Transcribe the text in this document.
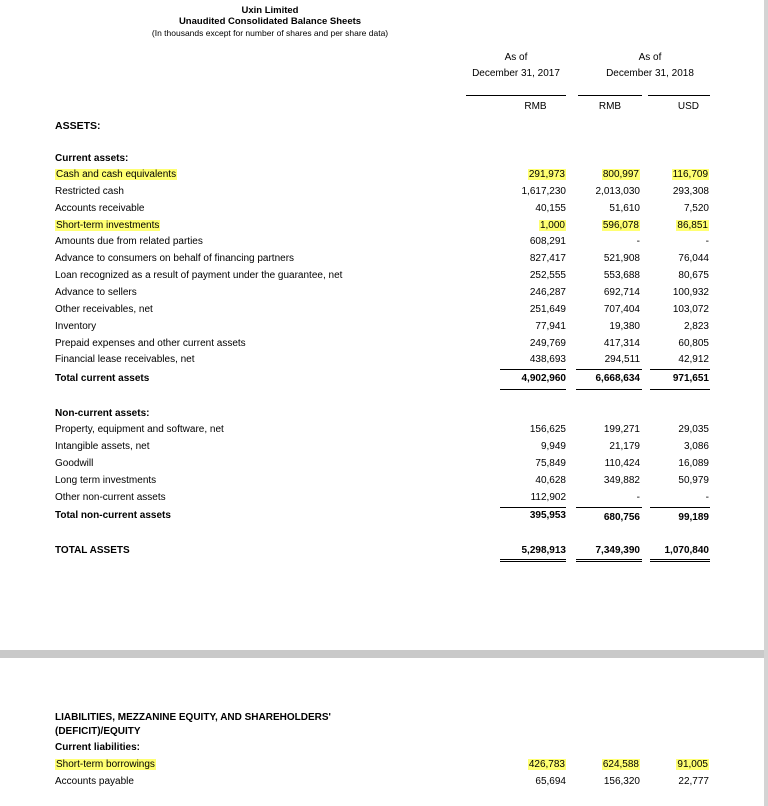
Uxin Limited
Unaudited Consolidated Balance Sheets
(In thousands except for number of shares and per share data)
As of
December 31, 2017
As of
December 31, 2018
RMB	RMB	USD
ASSETS:
Current assets:
Cash and cash equivalents	291,973	800,997	116,709
Restricted cash	1,617,230	2,013,030	293,308
Accounts receivable	40,155	51,610	7,520
Short-term investments	1,000	596,078	86,851
Amounts due from related parties	608,291	-	-
Advance to consumers on behalf of financing partners	827,417	521,908	76,044
Loan recognized as a result of payment under the guarantee, net	252,555	553,688	80,675
Advance to sellers	246,287	692,714	100,932
Other receivables, net	251,649	707,404	103,072
Inventory	77,941	19,380	2,823
Prepaid expenses and other current assets	249,769	417,314	60,805
Financial lease receivables, net	438,693	294,511	42,912
Total current assets	4,902,960	6,668,634	971,651
Non-current assets:
Property, equipment and software, net	156,625	199,271	29,035
Intangible assets, net	9,949	21,179	3,086
Goodwill	75,849	110,424	16,089
Long term investments	40,628	349,882	50,979
Other non-current assets	112,902	-	-
Total non-current assets	395,953	680,756	99,189
TOTAL ASSETS	5,298,913	7,349,390	1,070,840
LIABILITIES, MEZZANINE EQUITY, AND SHAREHOLDERS'
(DEFICIT)/EQUITY
Current liabilities:
Short-term borrowings	426,783	624,588	91,005
Accounts payable	65,694	156,320	22,777
